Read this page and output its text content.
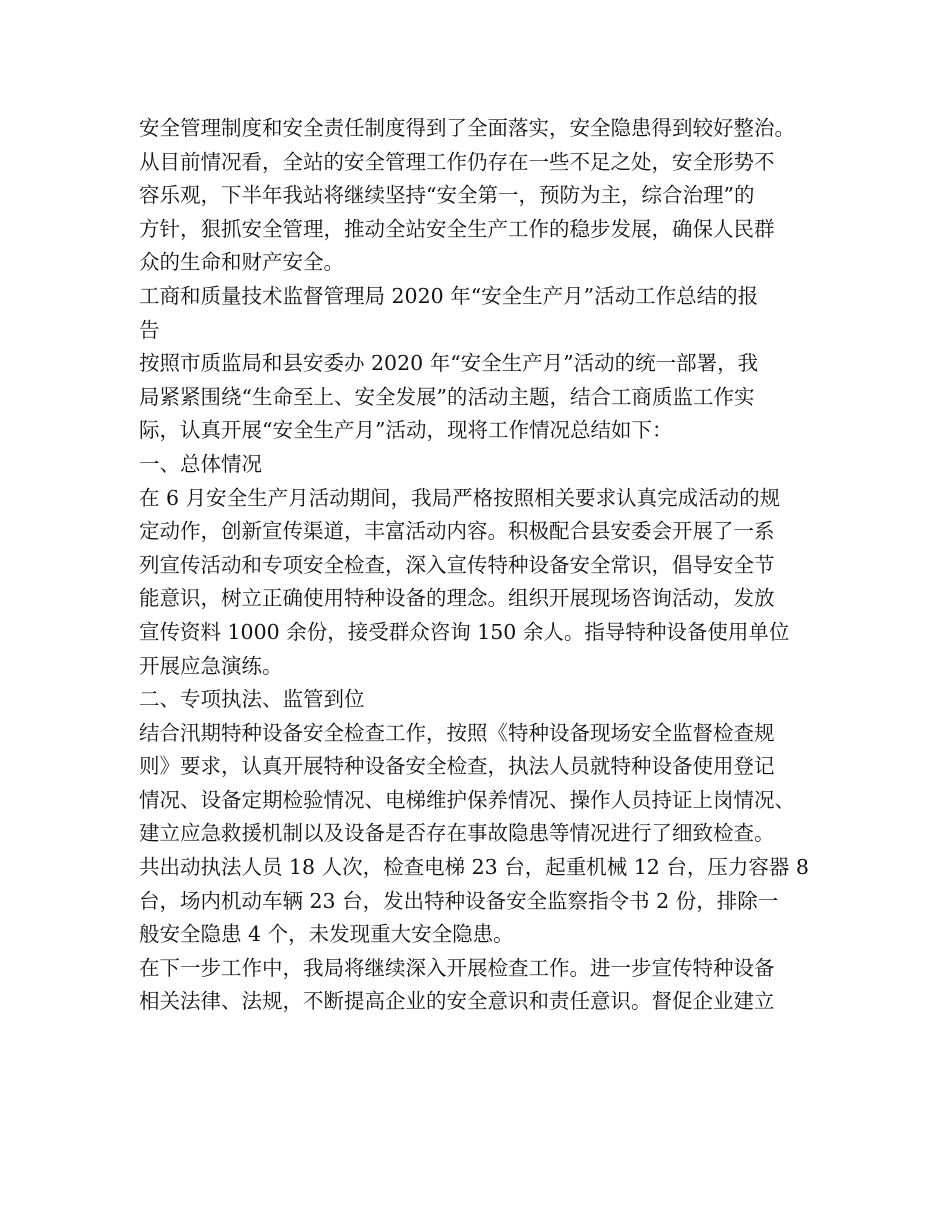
安全管理制度和安全责任制度得到了全面落实，安全隐患得到较好整治。
从目前情况看，全站的安全管理工作仍存在一些不足之处，安全形势不
容乐观，下半年我站将继续坚持“安全第一，预防为主，综合治理”的
方针，狠抓安全管理，推动全站安全生产工作的稳步发展，确保人民群
众的生命和财产安全。
工商和质量技术监督管理局 2020 年“安全生产月”活动工作总结的报
告
按照市质监局和县安委办 2020 年“安全生产月”活动的统一部署，我
局紧紧围绕“生命至上、安全发展”的活动主题，结合工商质监工作实
际，认真开展“安全生产月”活动，现将工作情况总结如下：
一、总体情况
在 6 月安全生产月活动期间，我局严格按照相关要求认真完成活动的规
定动作，创新宣传渠道，丰富活动内容。积极配合县安委会开展了一系
列宣传活动和专项安全检查，深入宣传特种设备安全常识，倡导安全节
能意识，树立正确使用特种设备的理念。组织开展现场咨询活动，发放
宣传资料 1000 余份，接受群众咨询 150 余人。指导特种设备使用单位
开展应急演练。
二、专项执法、监管到位
结合汛期特种设备安全检查工作，按照《特种设备现场安全监督检查规
则》要求，认真开展特种设备安全检查，执法人员就特种设备使用登记
情况、设备定期检验情况、电梯维护保养情况、操作人员持证上岗情况、
建立应急救援机制以及设备是否存在事故隐患等情况进行了细致检查。
共出动执法人员 18 人次，检查电梯 23 台，起重机械 12 台，压力容器 8
台，场内机动车辆 23 台，发出特种设备安全监察指令书 2 份，排除一
般安全隐患 4 个，未发现重大安全隐患。
在下一步工作中，我局将继续深入开展检查工作。进一步宣传特种设备
相关法律、法规，不断提高企业的安全意识和责任意识。督促企业建立
